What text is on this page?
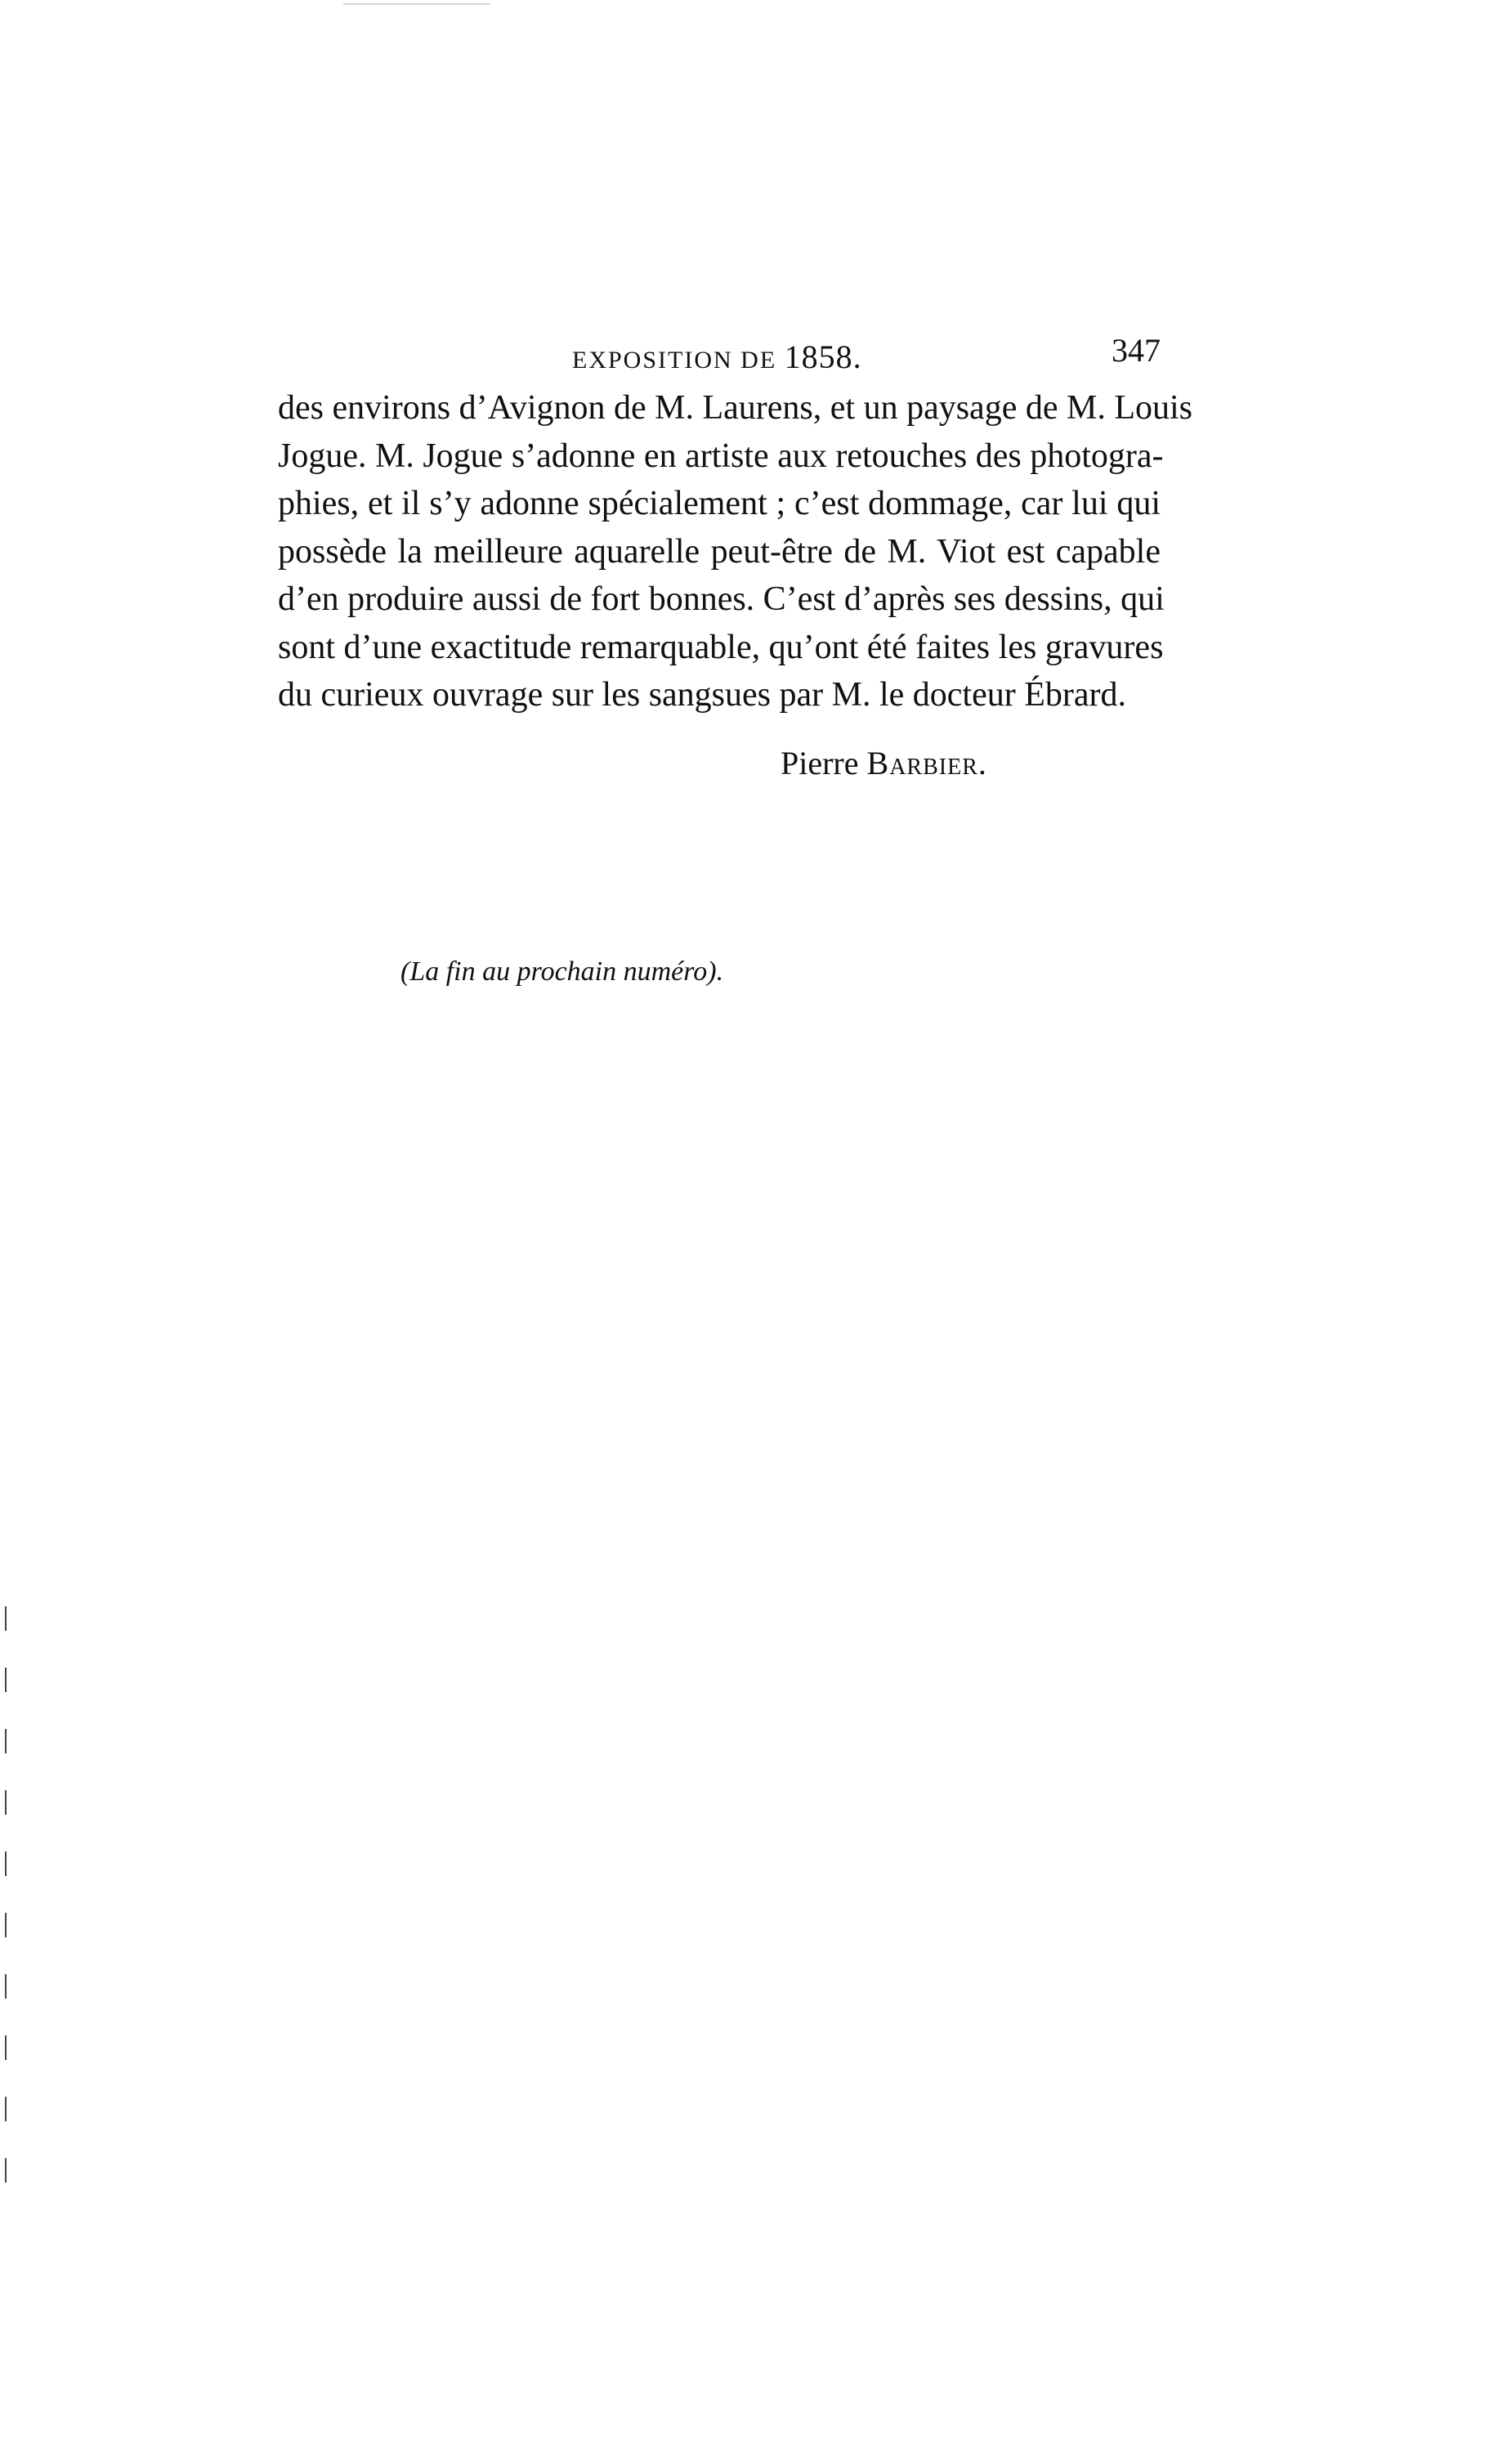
EXPOSITION DE 1858.	347
des environs d’Avignon de M. Laurens, et un paysage de M. Louis
Jogue. M. Jogue s’adonne en artiste aux retouches des photogra-
phies, et il s’y adonne spécialement ; c’est dommage, car lui qui
possède la meilleure aquarelle peut-être de M. Viot est capable
d’en produire aussi de fort bonnes. C’est d’après ses dessins, qui
sont d’une exactitude remarquable, qu’ont été faites les gravures
du curieux ouvrage sur les sangsues par M. le docteur Ébrard.
Pierre Barbier.
(La fin au prochain numéro).
